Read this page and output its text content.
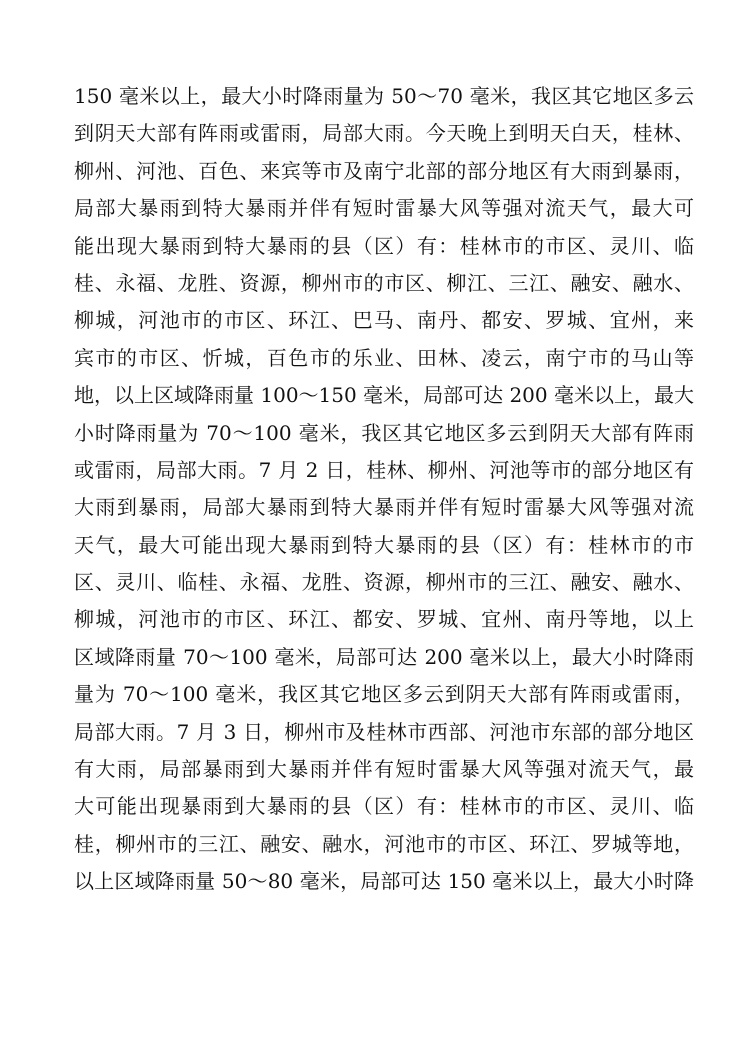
150 毫米以上，最大小时降雨量为 50～70 毫米，我区其它地区多云
到阴天大部有阵雨或雷雨，局部大雨。今天晚上到明天白天，桂林、
柳州、河池、百色、来宾等市及南宁北部的部分地区有大雨到暴雨，
局部大暴雨到特大暴雨并伴有短时雷暴大风等强对流天气，最大可
能出现大暴雨到特大暴雨的县（区）有：桂林市的市区、灵川、临
桂、永福、龙胜、资源，柳州市的市区、柳江、三江、融安、融水、
柳城，河池市的市区、环江、巴马、南丹、都安、罗城、宜州，来
宾市的市区、忻城，百色市的乐业、田林、凌云，南宁市的马山等
地，以上区域降雨量 100～150 毫米，局部可达 200 毫米以上，最大
小时降雨量为 70～100 毫米，我区其它地区多云到阴天大部有阵雨
或雷雨，局部大雨。7 月 2 日，桂林、柳州、河池等市的部分地区有
大雨到暴雨，局部大暴雨到特大暴雨并伴有短时雷暴大风等强对流
天气，最大可能出现大暴雨到特大暴雨的县（区）有：桂林市的市
区、灵川、临桂、永福、龙胜、资源，柳州市的三江、融安、融水、
柳城，河池市的市区、环江、都安、罗城、宜州、南丹等地，以上
区域降雨量 70～100 毫米，局部可达 200 毫米以上，最大小时降雨
量为 70～100 毫米，我区其它地区多云到阴天大部有阵雨或雷雨，
局部大雨。7 月 3 日，柳州市及桂林市西部、河池市东部的部分地区
有大雨，局部暴雨到大暴雨并伴有短时雷暴大风等强对流天气，最
大可能出现暴雨到大暴雨的县（区）有：桂林市的市区、灵川、临
桂，柳州市的三江、融安、融水，河池市的市区、环江、罗城等地，
以上区域降雨量 50～80 毫米，局部可达 150 毫米以上，最大小时降
